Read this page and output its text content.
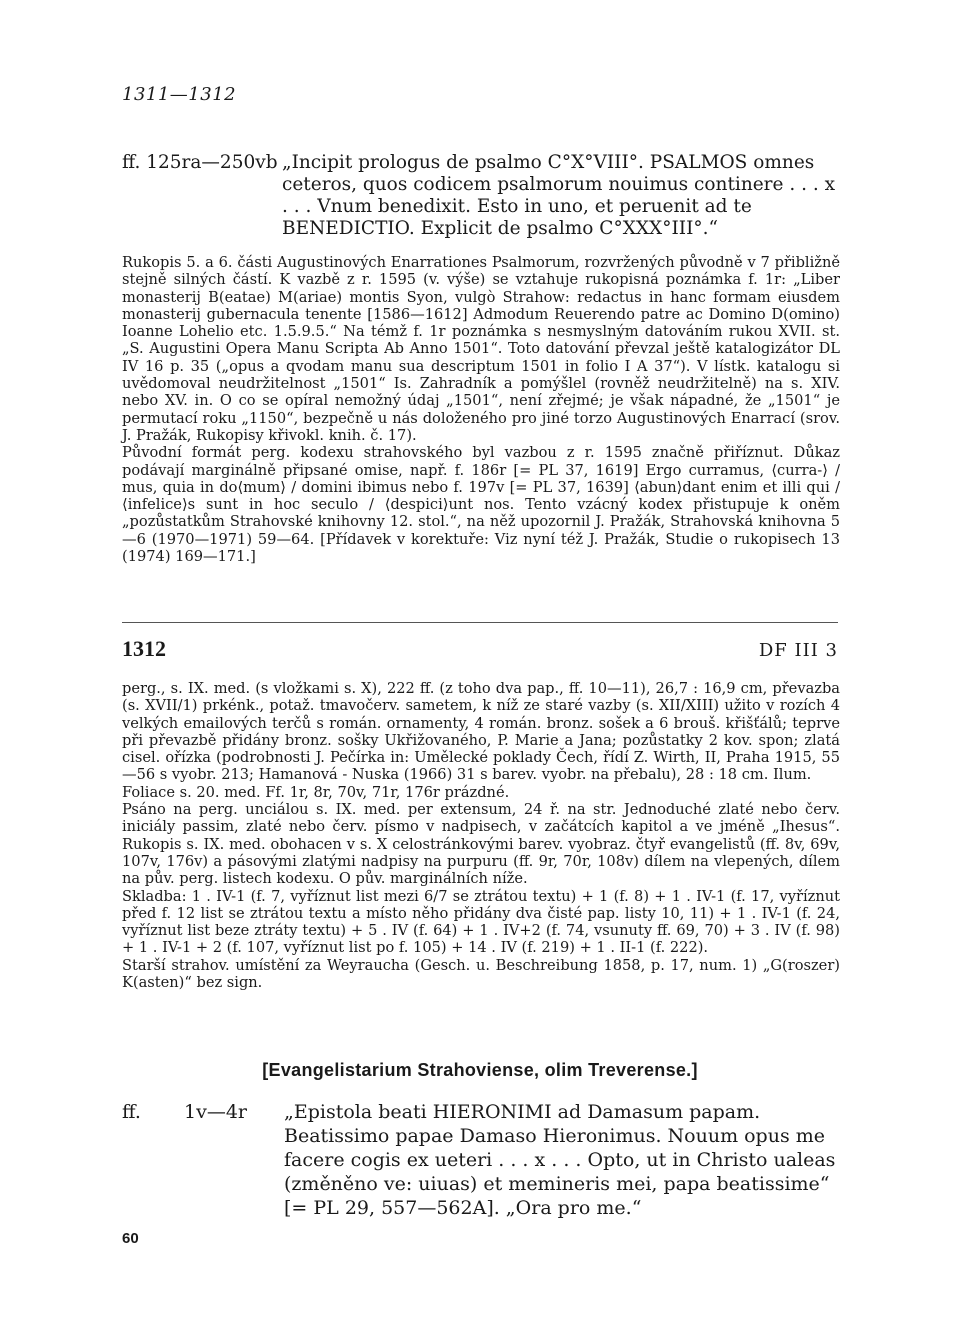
1311—1312
ff. 125ra—250vb „Incipit prologus de psalmo C°X°VIII°. PSALMOS omnes ceteros, quos codicem psalmorum nouimus continere . . . x . . . Vnum benedixit. Esto in uno, et peruenit ad te BENEDICTIO. Explicit de psalmo C°XXX°III°.“

Rukopis 5. a 6. části Augustinových Enarrationes Psalmorum, rozvržených původně v 7 přibližně stejně silných částí. K vazbě z r. 1595 (v. výše) se vztahuje rukopisná poznámka f. 1r: „Liber monasterij B(eatae) M(ariae) montis Syon, vulgò Strahow: redactus in hanc formam eiusdem monasterij gubernacula tenente [1586—1612] Admodum Reuerendo patre ac Domino D(omino) Ioanne Lohelio etc. 1.5.9.5.“ Na témž f. 1r poznámka s nesmyslným datováním rukou XVII. st. „S. Augustini Opera Manu Scripta Ab Anno 1501“. Toto datování převzal ještě katalogizátor DL IV 16 p. 35 („opus a qvodam manu sua descriptum 1501 in folio I A 37“). V lístk. katalogu si uvědomoval neudržitelnost „1501“ Is. Zahradník a pomýšlel (rovněž neudržitelně) na s. XIV. nebo XV. in. O co se opíral nemožný údaj „1501“, není zřejmé; je však nápadné, že „1501“ je permutací roku „1150“, bezpečně u nás doloženého pro jiné torzo Augustinových Enarrací (srov. J. Pražák, Rukopisy křivokl. knih. č. 17).

Původní formát perg. kodexu strahovského byl vazbou z r. 1595 značně přiříznut. Důkaz podávají marginálně připsané omise, např. f. 186r [= PL 37, 1619] Ergo curramus, ⟨curra-⟩ / mus, quia in do⟨mum⟩ / domini ibimus nebo f. 197v [= PL 37, 1639] ⟨abun⟩dant enim et illi qui / ⟨infelice⟩s sunt in hoc seculo / ⟨despici⟩unt nos. Tento vzácný kodex přistupuje k oněm „pozůstatkům Strahovské knihovny 12. stol.“, na něž upozornil J. Pražák, Strahovská knihovna 5—6 (1970—1971) 59—64. [Přídavek v korektuře: Viz nyní též J. Pražák, Studie o rukopisech 13 (1974) 169—171.]

1312	DF III 3

perg., s. IX. med. (s vložkami s. X), 222 ff. (z toho dva pap., ff. 10—11), 26,7 : 16,9 cm, převazba (s. XVII/1) prkénk., potaž. tmavočerv. sametem, k níž ze staré vazby (s. XII/XIII) užito v rozích 4 velkých emailových terčů s román. ornamenty, 4 román. bronz. sošek a 6 brouš. křišťálů; teprve při převazbě přidány bronz. sošky Ukřižovaného, P. Marie a Jana; pozůstatky 2 kov. spon; zlatá cisel. ořízka (podrobnosti J. Pečírka in: Umělecké poklady Čech, řídí Z. Wirth, II, Praha 1915, 55—56 s vyobr. 213; Hamanová - Nuska (1966) 31 s barev. vyobr. na přebalu), 28 : 18 cm. Ilum.

Foliace s. 20. med. Ff. 1r, 8r, 70v, 71r, 176r prázdné.

Psáno na perg. unciálou s. IX. med. per extensum, 24 ř. na str. Jednoduché zlaté nebo červ. iniciály passim, zlaté nebo červ. písmo v nadpisech, v začátcích kapitol a ve jméně „Ihesus“. Rukopis s. IX. med. obohacen v s. X celostránkovými barev. vyobraz. čtyř evangelistů (ff. 8v, 69v, 107v, 176v) a pásovými zlatými nadpisy na purpuru (ff. 9r, 70r, 108v) dílem na vlepených, dílem na pův. perg. listech kodexu. O pův. marginálních níže.

Skladba: 1 . IV-1 (f. 7, vyříznut list mezi 6/7 se ztrátou textu) + 1 (f. 8) + 1 . IV-1 (f. 17, vyříznut před f. 12 list se ztrátou textu a místo něho přidány dva čisté pap. listy 10, 11) + 1 . IV-1 (f. 24, vyříznut list beze ztráty textu) + 5 . IV (f. 64) + 1 . IV+2 (f. 74, vsunuty ff. 69, 70) + 3 . IV (f. 98) + 1 . IV-1 + 2 (f. 107, vyříznut list po f. 105) + 14 . IV (f. 219) + 1 . II-1 (f. 222).

Starší strahov. umístění za Weyraucha (Gesch. u. Beschreibung 1858, p. 17, num. 1) „G(roszer) K(asten)“ bez sign.

[Evangelistarium Strahoviense, olim Treverense.]
ff.	1v—4r	„Epistola beati HIERONIMI ad Damasum papam. Beatissimo papae Damaso Hieronimus. Nouum opus me facere cogis ex ueteri . . . x . . . Opto, ut in Christo ualeas (změněno ve: uiuas) et memineris mei, papa beatissime“ [= PL 29, 557—562A]. „Ora pro me.“
60
